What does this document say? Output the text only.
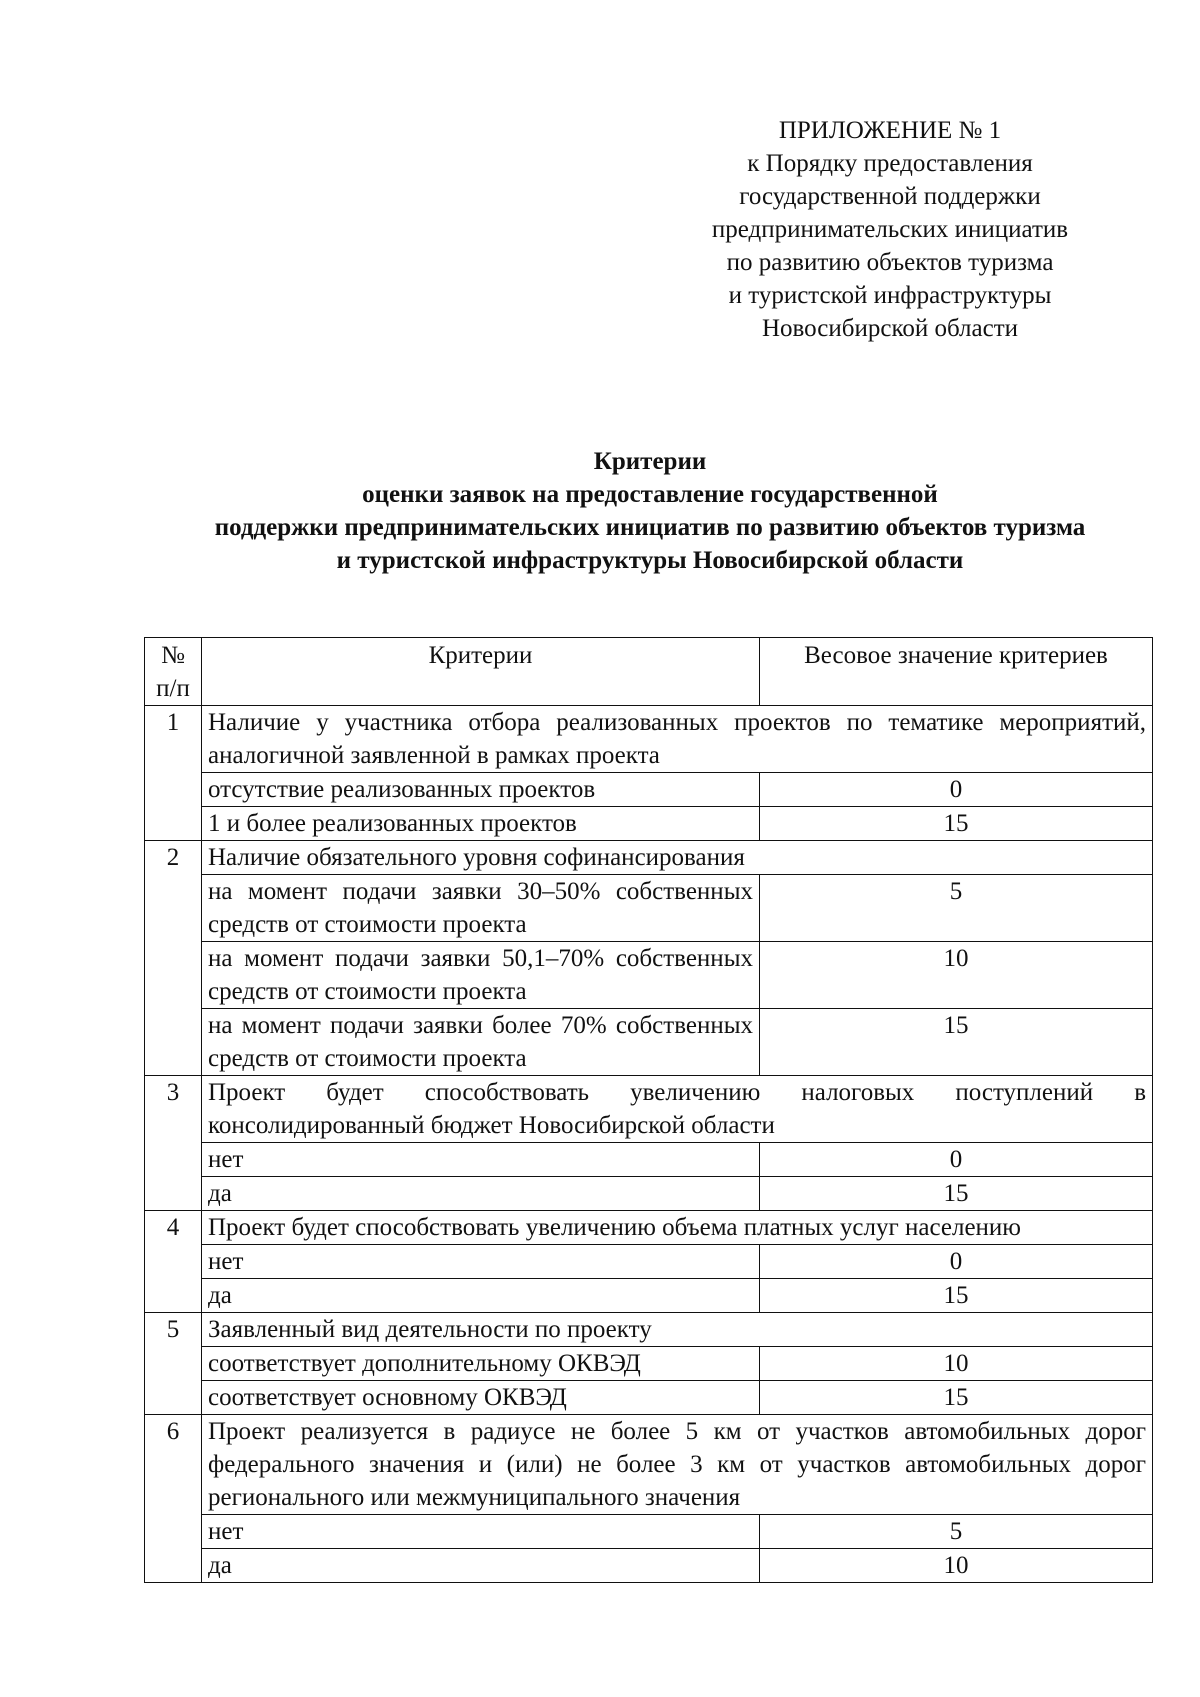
ПРИЛОЖЕНИЕ № 1
к Порядку предоставления
государственной поддержки
предпринимательских инициатив
по развитию объектов туризма
и туристской инфраструктуры
Новосибирской области
Критерии
оценки заявок на предоставление государственной
поддержки предпринимательских инициатив по развитию объектов туризма
и туристской инфраструктуры Новосибирской области
№ п/п	Критерии	Весовое значение критериев
1	Наличие у участника отбора реализованных проектов по тематике мероприятий, аналогичной заявленной в рамках проекта	
	отсутствие реализованных проектов	0
	1 и более реализованных проектов	15
2	Наличие обязательного уровня софинансирования	
	на момент подачи заявки 30–50% собственных средств от стоимости проекта	5
	на момент подачи заявки 50,1–70% собственных средств от стоимости проекта	10
	на момент подачи заявки более 70% собственных средств от стоимости проекта	15
3	Проект будет способствовать увеличению налоговых поступлений в консолидированный бюджет Новосибирской области	
	нет	0
	да	15
4	Проект будет способствовать увеличению объема платных услуг населению	
	нет	0
	да	15
5	Заявленный вид деятельности по проекту	
	соответствует дополнительному ОКВЭД	10
	соответствует основному ОКВЭД	15
6	Проект реализуется в радиусе не более 5 км от участков автомобильных дорог федерального значения и (или) не более 3 км от участков автомобильных дорог регионального или межмуниципального значения	
	нет	5
	да	10
